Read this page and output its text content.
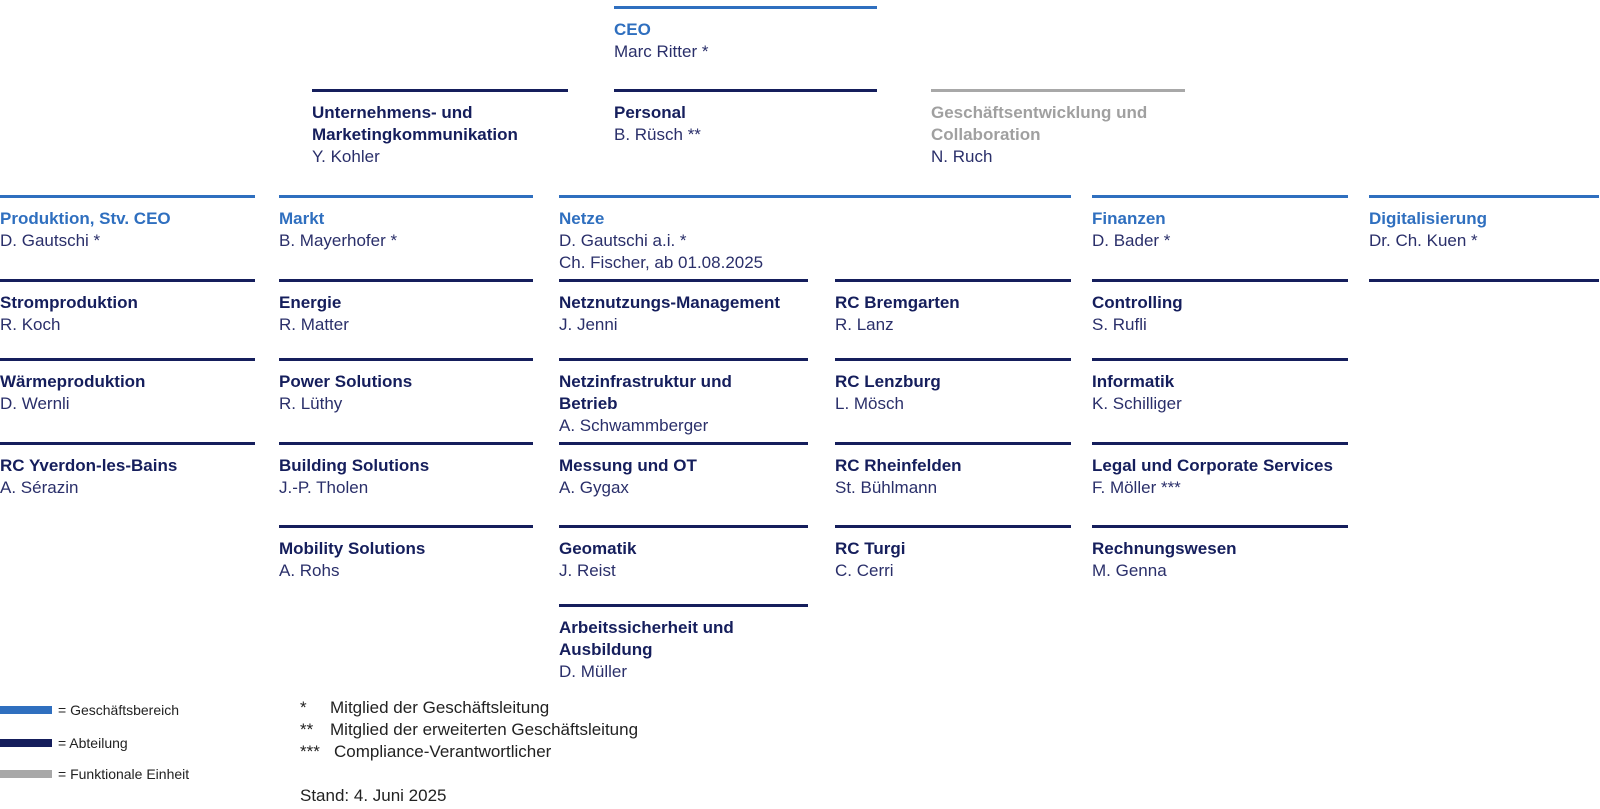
CEO
Marc Ritter *
Unternehmens- und Marketingkommunikation
Y. Kohler
Personal
B. Rüsch **
Geschäftsentwicklung und Collaboration
N. Ruch
Produktion, Stv. CEO
D. Gautschi *
Markt
B. Mayerhofer *
Netze
D. Gautschi a.i. *
Ch. Fischer, ab 01.08.2025
Finanzen
D. Bader *
Digitalisierung
Dr. Ch. Kuen *
Stromproduktion
R. Koch
Wärmeproduktion
D. Wernli
RC Yverdon-les-Bains
A. Sérazin
Energie
R. Matter
Power Solutions
R. Lüthy
Building Solutions
J.-P. Tholen
Mobility Solutions
A. Rohs
Netznutzungs-Management
J. Jenni
Netzinfrastruktur und Betrieb
A. Schwammberger
Messung und OT
A. Gygax
Geomatik
J. Reist
Arbeitssicherheit und Ausbildung
D. Müller
RC Bremgarten
R. Lanz
RC Lenzburg
L. Mösch
RC Rheinfelden
St. Bühlmann
RC Turgi
C. Cerri
Controlling
S. Rufli
Informatik
K. Schilliger
Legal und Corporate Services
F. Möller ***
Rechnungswesen
M. Genna
= Geschäftsbereich
= Abteilung
= Funktionale Einheit
* Mitglied der Geschäftsleitung
** Mitglied der erweiterten Geschäftsleitung
*** Compliance-Verantwortlicher
Stand: 4. Juni 2025
